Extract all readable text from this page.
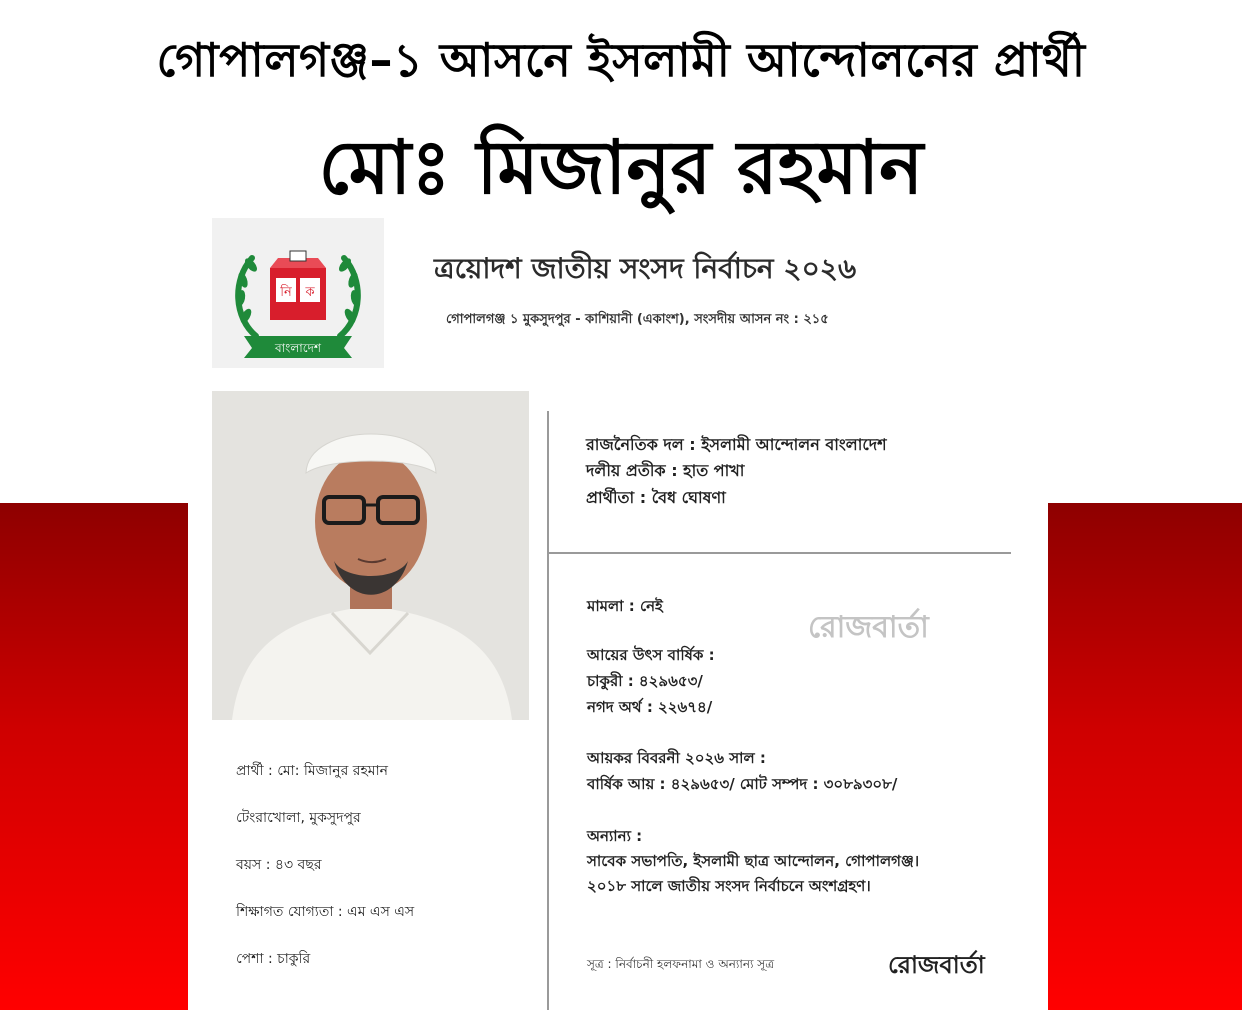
গোপালগঞ্জ–১ আসনে ইসলামী আন্দোলনের প্রার্থী
মোঃ মিজানুর রহমান
নি ক
বাংলাদেশ
ত্রয়োদশ জাতীয় সংসদ নির্বাচন ২০২৬
গোপালগঞ্জ ১ মুকসুদপুর - কাশিয়ানী (একাংশ), সংসদীয় আসন নং : ২১৫
প্রার্থী : মো: মিজানুর রহমান
টেংরাখোলা, মুকসুদপুর
বয়স : ৪৩ বছর
শিক্ষাগত যোগ্যতা : এম এস এস
পেশা : চাকুরি
রাজনৈতিক দল : ইসলামী আন্দোলন বাংলাদেশ
দলীয় প্রতীক : হাত পাখা
প্রার্থীতা : বৈধ ঘোষণা
মামলা : নেই
রোজবার্তা
আয়ের উৎস বার্ষিক :
চাকুরী : ৪২৯৬৫৩/
নগদ অর্থ : ২২৬৭৪/
আয়কর বিবরনী ২০২৬ সাল :
বার্ষিক আয় : ৪২৯৬৫৩/ মোট সম্পদ : ৩০৮৯৩০৮/
অন্যান্য :
সাবেক সভাপতি, ইসলামী ছাত্র আন্দোলন, গোপালগঞ্জ।
২০১৮ সালে জাতীয় সংসদ নির্বাচনে অংশগ্রহণ।
সূত্র : নির্বাচনী হলফনামা ও অন্যান্য সূত্র	রোজবার্তা
